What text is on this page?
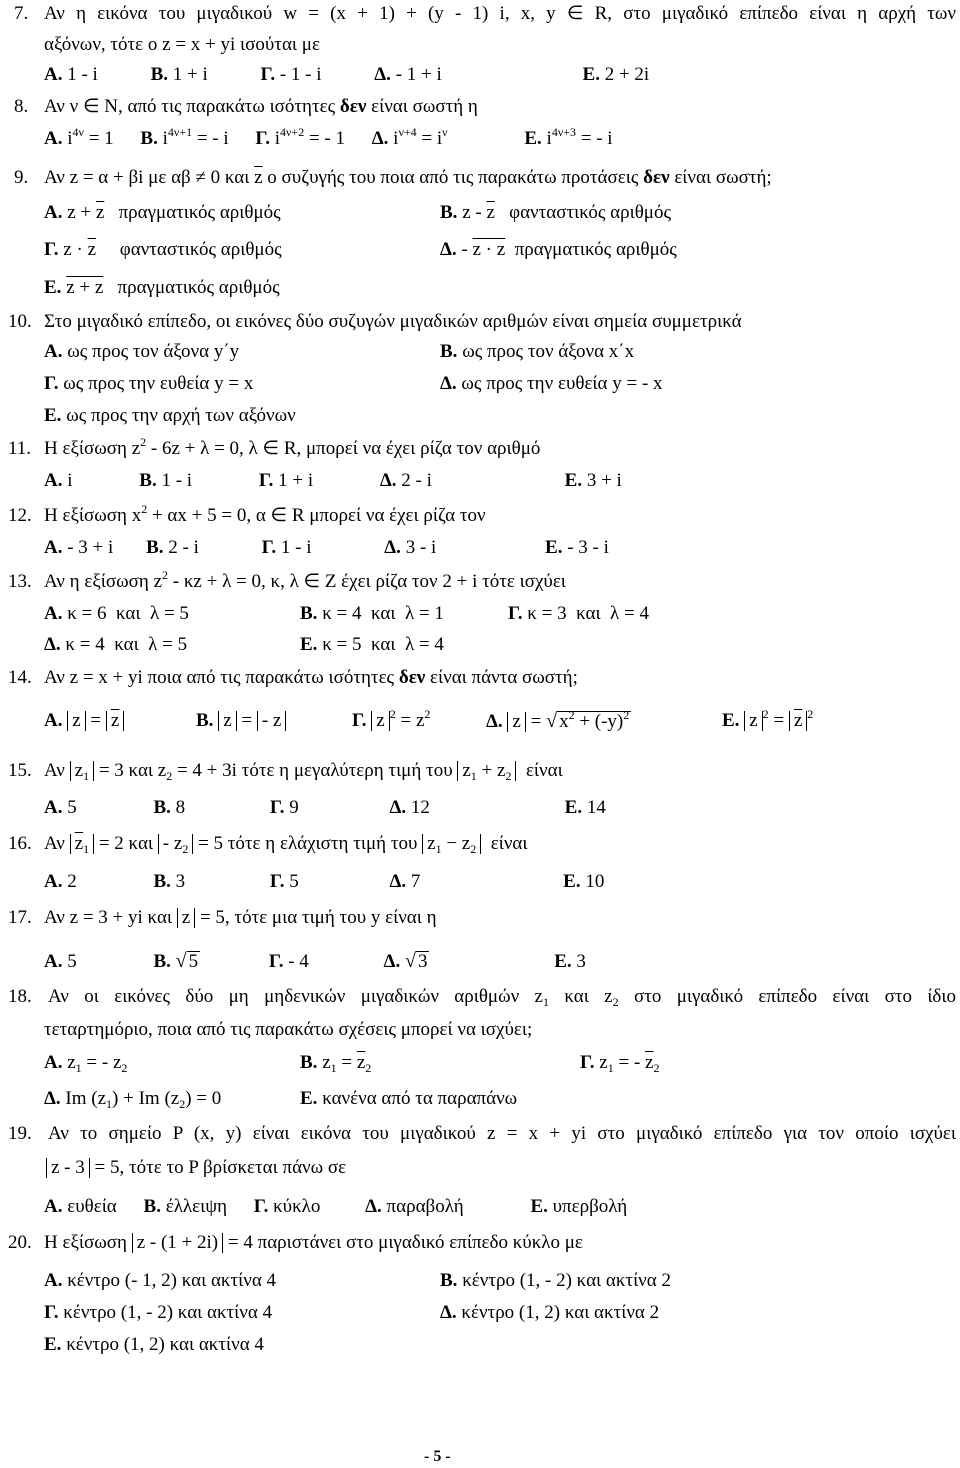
7. Αν η εικόνα του μιγαδικού w = (x + 1) + (y - 1) i, x, y ∈ R, στο μιγαδικό επίπεδο είναι η αρχή των
αξόνων, τότε ο z = x + yi ισούται με
Α. 1 - i	Β. 1 + i	Γ. - 1 - i	Δ. - 1 + i	Ε. 2 + 2i
8. Αν ν ∈ Ν, από τις παρακάτω ισότητες δεν είναι σωστή η
Α. $i^{4\nu} = 1$ Β. $i^{4\nu+1}$ = - i Γ. $i^{4\nu+2}$ = - 1 Δ. $i^{\nu+4} = i^\nu$	Ε. $i^{4\nu+3}$ = - i
9. Αν z = α + βi με αβ ≠ 0 και $\overline{z}$ ο συζυγής του ποια από τις παρακάτω προτάσεις δεν είναι σωστή;
Α. $z + \overline{z}$ πραγματικός αριθμός	Β. z - $\overline{z}$ φανταστικός αριθμός
Γ. $z \cdot \overline{z}$ φανταστικός αριθμός	Δ. - z · z πραγματικός αριθμός
Ε. z + z πραγματικός αριθμός
10. Στο μιγαδικό επίπεδο, οι εικόνες δύο συζυγών μιγαδικών αριθμών είναι σημεία συμμετρικά
Α. ως προς τον άξονα y΄y	Β. ως προς τον άξονα x΄x
Γ. ως προς την ευθεία y = x	Δ. ως προς την ευθεία y = - x
Ε. ως προς την αρχή των αξόνων
11. Η εξίσωση $z^2 - 6z + \lambda = 0$, λ ∈ R, μπορεί να έχει ρίζα τον αριθμό
Α. i	Β. 1 - i	Γ. 1 + i	Δ. 2 - i	Ε. 3 + i
12. Η εξίσωση $x^2 + \alpha x + 5 = 0$, α ∈ R μπορεί να έχει ρίζα τον
Α. - 3 + i Β. 2 - i	Γ. 1 - i	Δ. 3 - i	Ε. - 3 - i
13. Αν η εξίσωση $z^2 - \kappa z + \lambda = 0$, κ, λ ∈ Z έχει ρίζα τον 2 + i τότε ισχύει
Α. κ = 6  και  λ = 5	Β. κ = 4  και  λ = 1	Γ. κ = 3  και  λ = 4
Δ. κ = 4  και  λ = 5	Ε. κ = 5  και  λ = 4
14. Αν z = x + yi ποια από τις παρακάτω ισότητες δεν είναι πάντα σωστή;
Α. $z = \overline{z}$	Β. z = - z	Γ. z $^2 = z^2$	Δ. z = √ $x^2 + (-y)^2$	Ε. z $^2 = \overline{z}$ $^2$
15. Αν $z_1 = 3$ και $z_2 = 4 + 3i$ τότε η μεγαλύτερη τιμή του $z_1 + z_2$ είναι
Α. 5	Β. 8	Γ. 9	Δ. 12	Ε. 14
16. Αν $\overline{z}_1 = 2$ $\kappa\alpha\iota - z_2 = 5$ τότε η ελάχιστη τιμή του $z_1 - z_2$ είναι
Α. 2	Β. 3	Γ. 5	Δ. 7	Ε. 10
17. Αν z = 3 + yi και z = 5, τότε μια τιμή του y είναι η
Α. 5	Β. √ 5	Γ. - 4	Δ. √ 3	Ε. 3
18. Αν οι εικόνες δύο μη μηδενικών μιγαδικών αριθμών $z_1$ και $z_2$ στο μιγαδικό επίπεδο είναι στο ίδιο
τεταρτημόριο, ποια από τις παρακάτω σχέσεις μπορεί να ισχύει;
Α. $z_1$ = - $z_2$	Β. $z_1 = \overline{z}_2$	Γ. $z_1$ = - $\overline{z}_2$
Δ. Im $(z_1) + Im$ $(z_2) = 0$	Ε. κανένα από τα παραπάνω
19. Αν το σημείο P (x, y) είναι εικόνα του μιγαδικού z = x + yi στο μιγαδικό επίπεδο για τον οποίο ισχύει
z - 3 = 5, τότε το P βρίσκεται πάνω σε
Α. ευθεία Β. έλλειψη Γ. κύκλο Δ. παραβολή	Ε. υπερβολή
20. Η εξίσωση z - (1 + 2i) = 4 παριστάνει στο μιγαδικό επίπεδο κύκλο με
Α. κέντρο (- 1, 2) και ακτίνα 4	Β. κέντρο (1, - 2) και ακτίνα 2
Γ. κέντρο (1, - 2) και ακτίνα 4	Δ. κέντρο (1, 2) και ακτίνα 2
Ε. κέντρο (1, 2) και ακτίνα 4
- 5 -
